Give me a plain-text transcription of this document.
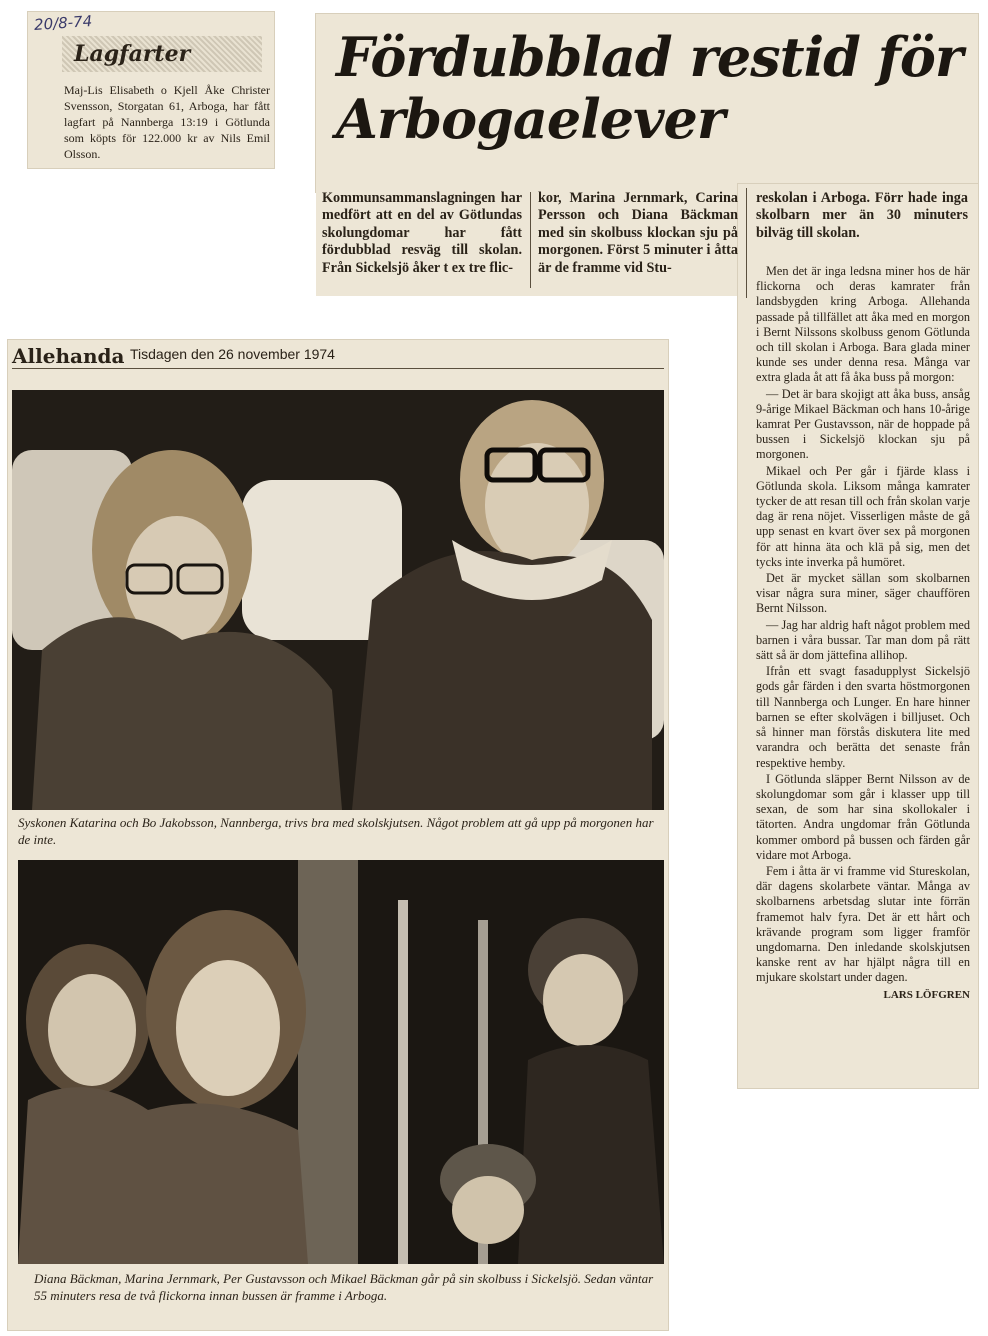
20/8-74
Lagfarter
Maj-Lis Elisabeth o Kjell Åke Christer Svensson, Storgatan 61, Arboga, har fått lagfart på Nannberga 13:19 i Götlunda som köpts för 122.000 kr av Nils Emil Olsson.
Fördubblad restid för Arbogaelever
Kommunsammanslagningen har medfört att en del av Götlundas skolungdomar har fått fördubblad resväg till skolan. Från Sickelsjö åker t ex tre flic-
kor, Marina Jernmark, Carina Persson och Diana Bäckman med sin skolbuss klockan sju på morgonen. Först 5 minuter i åtta är de framme vid Stu-
reskolan i Arboga. Förr hade inga skolbarn mer än 30 minuters bilväg till skolan.

Men det är inga ledsna miner hos de här flickorna och deras kamrater från landsbygden kring Arboga. Allehanda passade på tillfället att åka med en morgon i Bernt Nilssons skolbuss genom Götlunda och till skolan i Arboga. Bara glada miner kunde ses under denna resa. Många var extra glada åt att få åka buss på morgon:

— Det är bara skojigt att åka buss, ansåg 9-årige Mikael Bäckman och hans 10-årige kamrat Per Gustavsson, när de hoppade på bussen i Sickelsjö klockan sju på morgonen.

Mikael och Per går i fjärde klass i Götlunda skola. Liksom många kamrater tycker de att resan till och från skolan varje dag är rena nöjet. Visserligen måste de gå upp senast en kvart över sex på morgonen för att hinna äta och klä på sig, men det tycks inte inverka på humöret.

Det är mycket sällan som skolbarnen visar några sura miner, säger chauffören Bernt Nilsson.

— Jag har aldrig haft något problem med barnen i våra bussar. Tar man dom på rätt sätt så är dom jättefina allihop.

Ifrån ett svagt fasadupplyst Sickelsjö gods går färden i den svarta höstmorgonen till Nannberga och Lunger. En hare hinner barnen se efter skolvägen i billjuset. Och så hinner man förstås diskutera lite med varandra och berätta det senaste från respektive hemby.

I Götlunda släpper Bernt Nilsson av de skolungdomar som går i klasser upp till sexan, de som har sina skollokaler i tätorten. Andra ungdomar från Götlunda kommer ombord på bussen och färden går vidare mot Arboga.

Fem i åtta är vi framme vid Stureskolan, där dagens skolarbete väntar. Många av skolbarnens arbetsdag slutar inte förrän framemot halv fyra. Det är ett hårt och krävande program som ligger framför ungdomarna. Den inledande skolskjutsen kanske rent av har hjälpt några till en mjukare skolstart under dagen.

LARS LÖFGREN
Allehanda Tisdagen den 26 november 1974
Syskonen Katarina och Bo Jakobsson, Nannberga, trivs bra med skolskjutsen. Något problem att gå upp på morgonen har de inte.
Diana Bäckman, Marina Jernmark, Per Gustavsson och Mikael Bäckman går på sin skolbuss i Sickelsjö. Sedan väntar 55 minuters resa de två flickorna innan bussen är framme i Arboga.
